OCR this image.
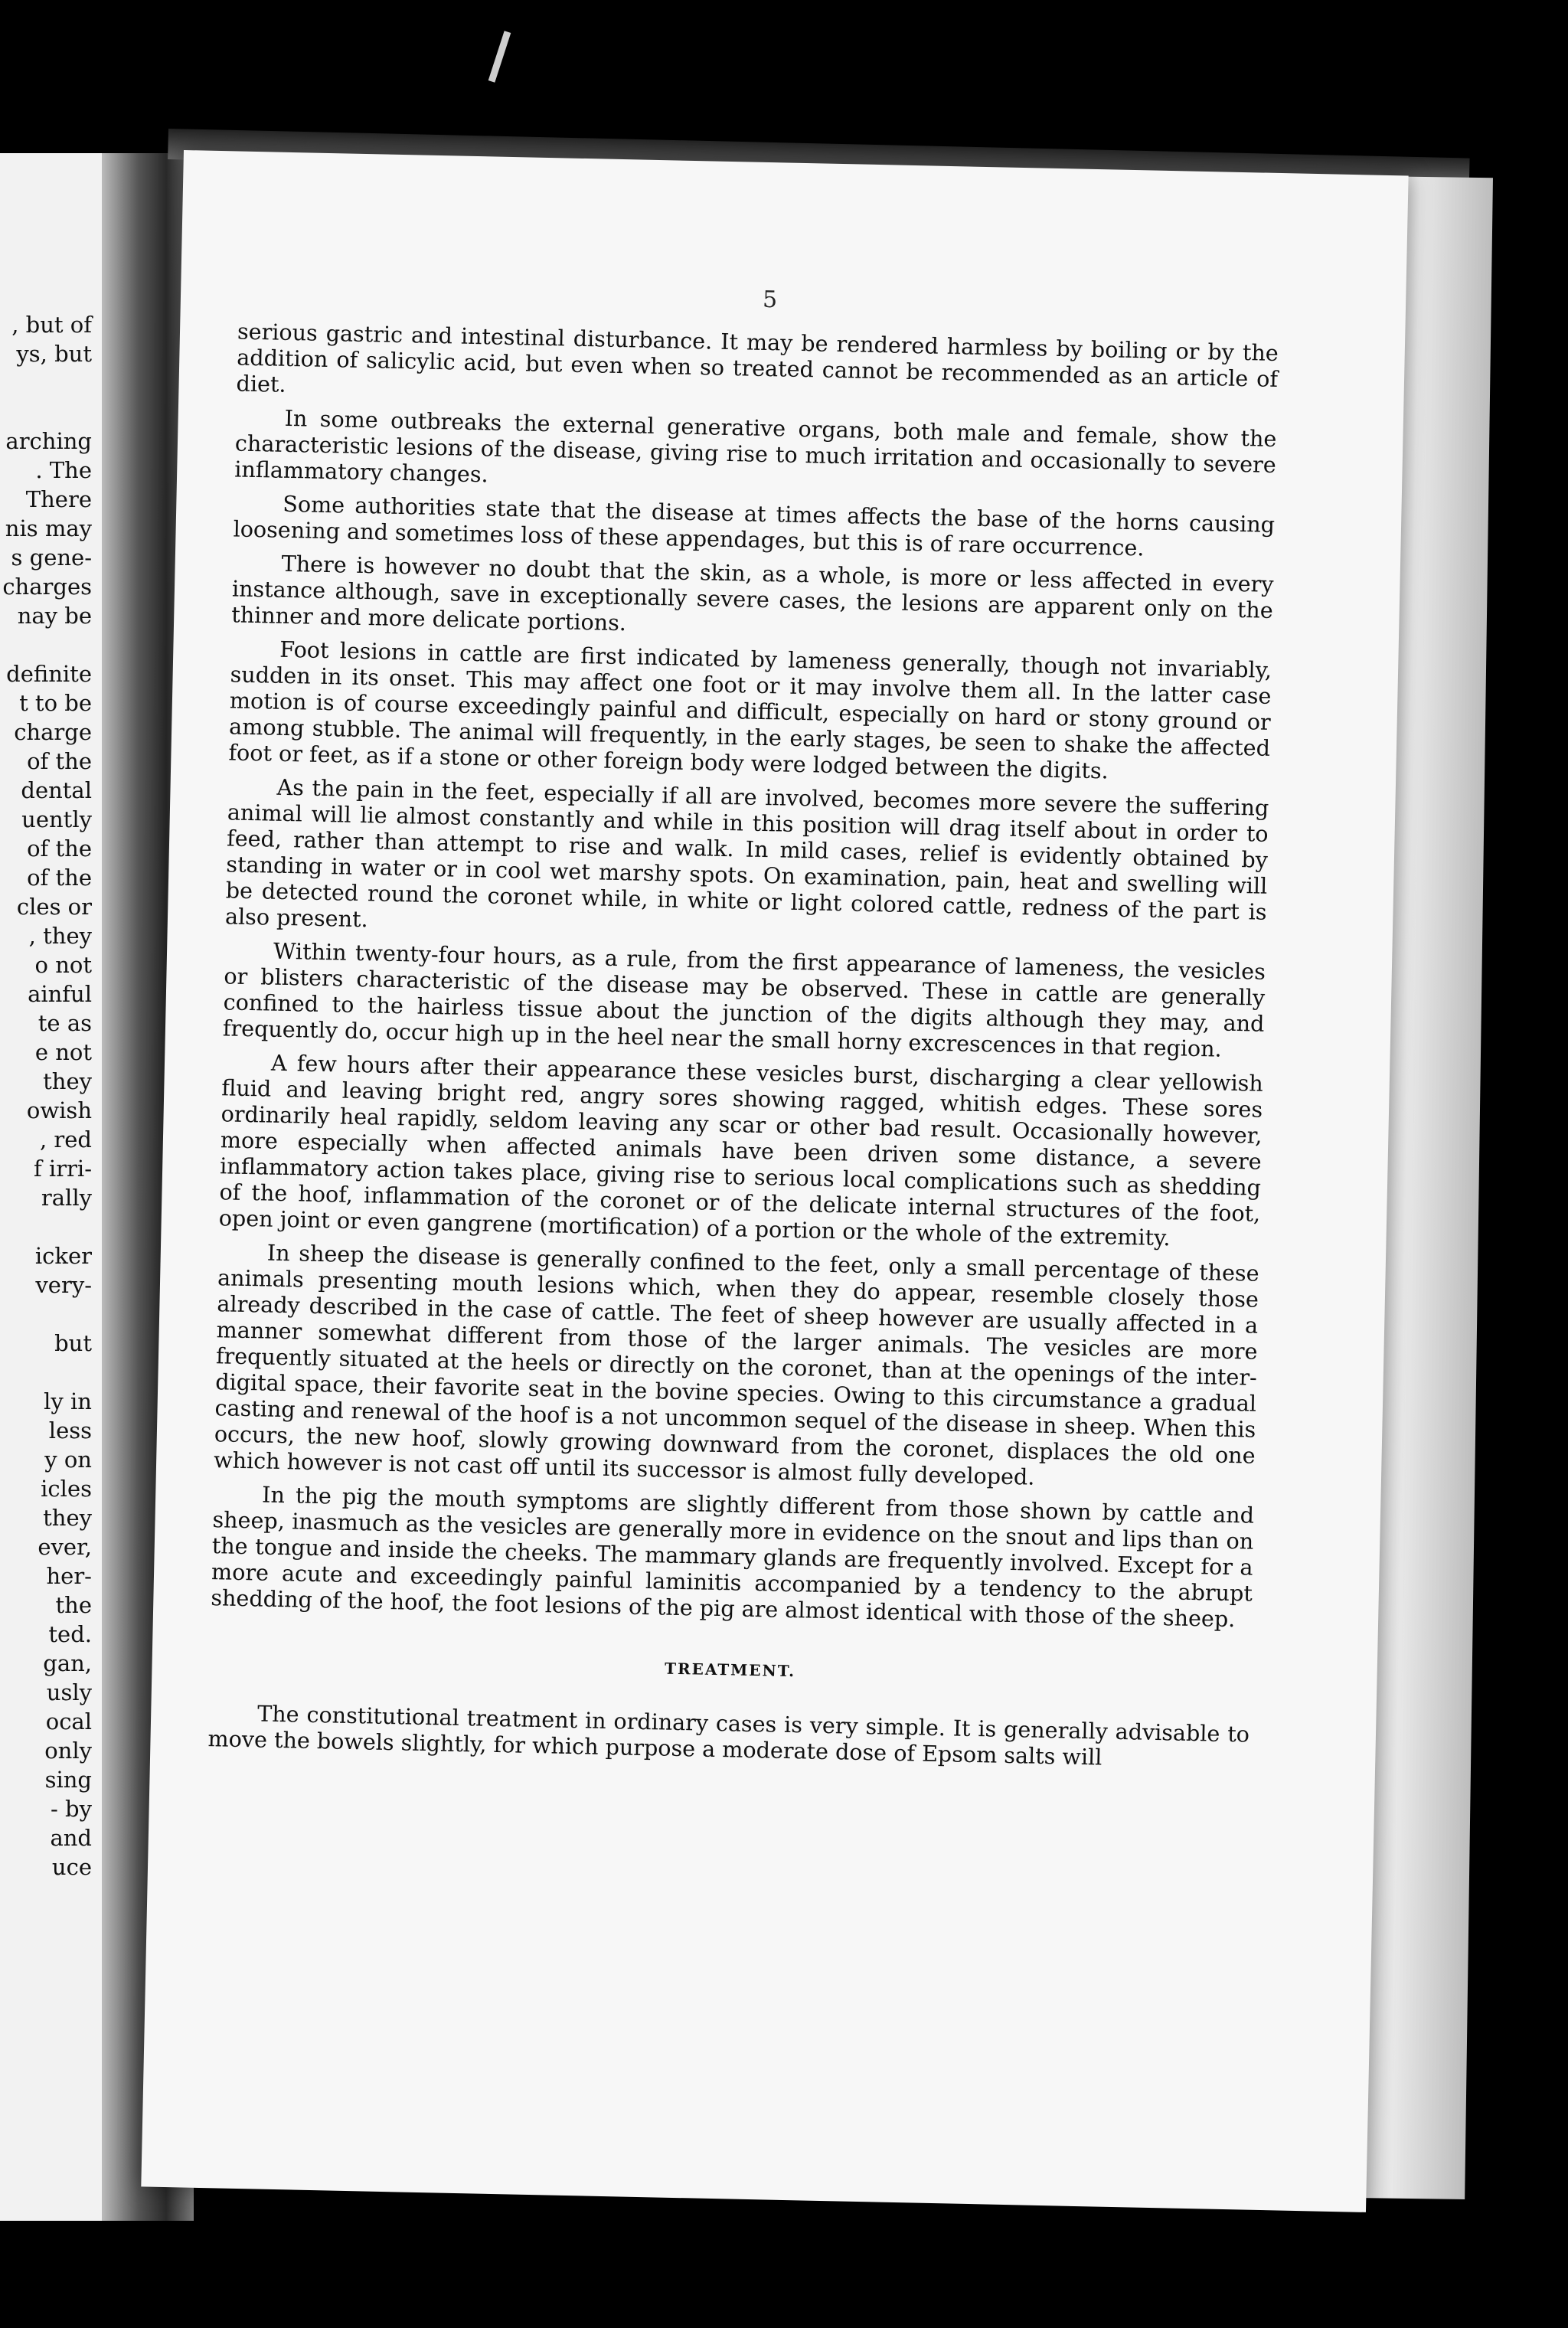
, but of
ys, but
arching
. The
There
nis may
s gene-
charges
nay be
definite
t to be
charge
of the
dental
uently
of the
of the
cles or
, they
o not
ainful
te as
e not
they
owish
, red
f irri-
rally
icker
very-
but
ly in
less
y on
icles
they
ever,
her-
the
ted.
gan,
usly
ocal
only
sing
- by
and
uce
5

serious gastric and intestinal disturbance. It may be rendered harmless by boiling or by the addition of salicylic acid, but even when so treated cannot be recommended as an article of diet.

In some outbreaks the external generative organs, both male and female, show the characteristic lesions of the disease, giving rise to much irritation and occasionally to severe inflammatory changes.

Some authorities state that the disease at times affects the base of the horns causing loosening and sometimes loss of these appendages, but this is of rare occurrence.

There is however no doubt that the skin, as a whole, is more or less affected in every instance although, save in exceptionally severe cases, the lesions are apparent only on the thinner and more delicate portions.

Foot lesions in cattle are first indicated by lameness generally, though not invariably, sudden in its onset. This may affect one foot or it may involve them all. In the latter case motion is of course exceedingly painful and difficult, especially on hard or stony ground or among stubble. The animal will frequently, in the early stages, be seen to shake the affected foot or feet, as if a stone or other foreign body were lodged between the digits.

As the pain in the feet, especially if all are involved, becomes more severe the suffering animal will lie almost constantly and while in this position will drag itself about in order to feed, rather than attempt to rise and walk. In mild cases, relief is evidently obtained by standing in water or in cool wet marshy spots. On examination, pain, heat and swelling will be detected round the coronet while, in white or light colored cattle, redness of the part is also present.

Within twenty-four hours, as a rule, from the first appearance of lameness, the vesicles or blisters characteristic of the disease may be observed. These in cattle are generally confined to the hairless tissue about the junction of the digits although they may, and frequently do, occur high up in the heel near the small horny excrescences in that region.

A few hours after their appearance these vesicles burst, discharging a clear yellowish fluid and leaving bright red, angry sores showing ragged, whitish edges. These sores ordinarily heal rapidly, seldom leaving any scar or other bad result. Occasionally however, more especially when affected animals have been driven some distance, a severe inflammatory action takes place, giving rise to serious local complications such as shedding of the hoof, inflammation of the coronet or of the delicate internal structures of the foot, open joint or even gangrene (mortification) of a portion or the whole of the extremity.

In sheep the disease is generally confined to the feet, only a small percentage of these animals presenting mouth lesions which, when they do appear, resemble closely those already described in the case of cattle. The feet of sheep however are usually affected in a manner somewhat different from those of the larger animals. The vesicles are more frequently situated at the heels or directly on the coronet, than at the openings of the inter-digital space, their favorite seat in the bovine species. Owing to this circumstance a gradual casting and renewal of the hoof is a not uncommon sequel of the disease in sheep. When this occurs, the new hoof, slowly growing downward from the coronet, displaces the old one which however is not cast off until its successor is almost fully developed.

In the pig the mouth symptoms are slightly different from those shown by cattle and sheep, inasmuch as the vesicles are generally more in evidence on the snout and lips than on the tongue and inside the cheeks. The mammary glands are frequently involved. Except for a more acute and exceedingly painful laminitis accompanied by a tendency to the abrupt shedding of the hoof, the foot lesions of the pig are almost identical with those of the sheep.

TREATMENT.

The constitutional treatment in ordinary cases is very simple. It is generally advisable to move the bowels slightly, for which purpose a moderate dose of Epsom salts will
